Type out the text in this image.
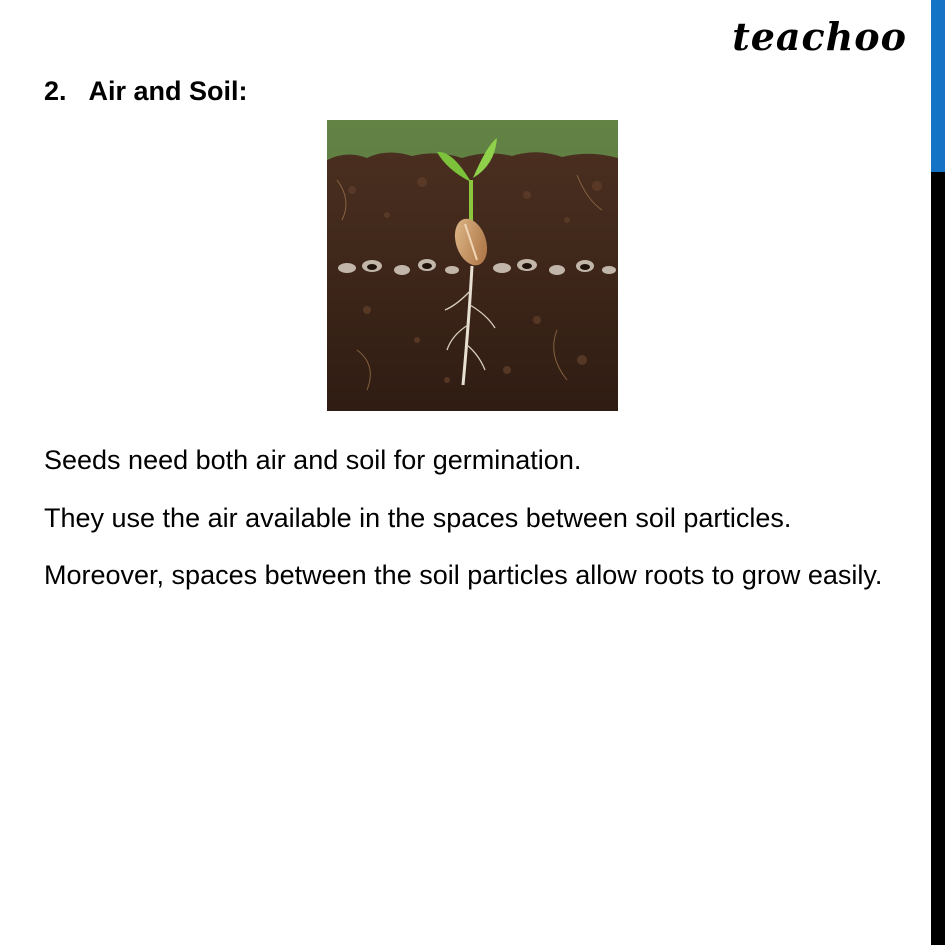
teachoo
2. Air and Soil:

Seeds need both air and soil for germination.

They use the air available in the spaces between soil particles.

Moreover, spaces between the soil particles allow roots to grow easily.
